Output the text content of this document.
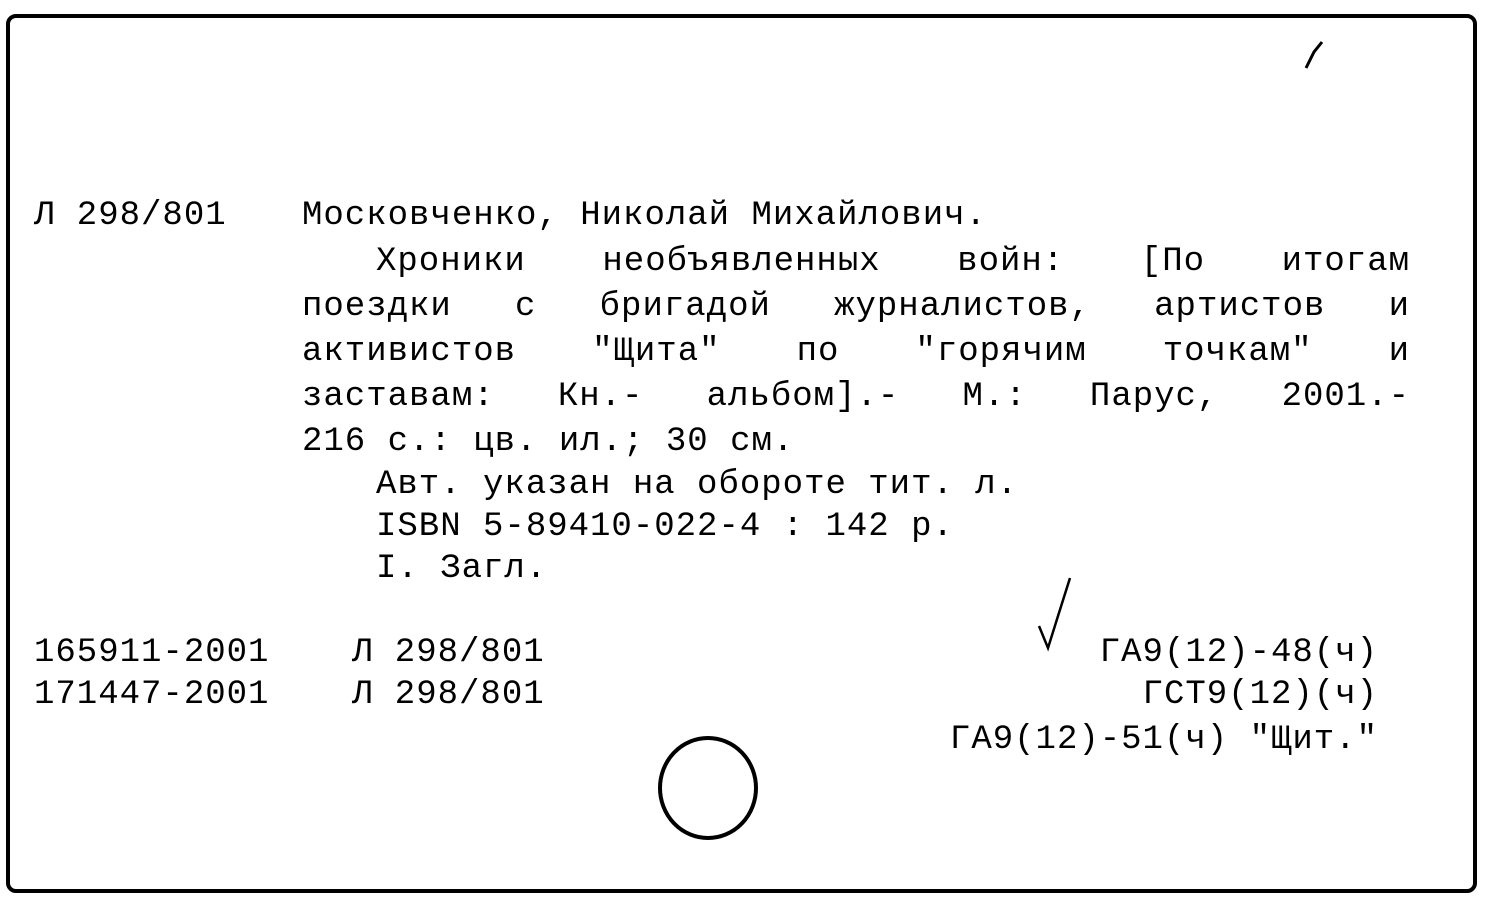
Л 298/801 Московченко, Николай Михайлович.
Хроники необъявленных войн: [По итогам
поездки с бригадой журналистов, артистов и
активистов "Щита" по "горячим точкам" и
заставам: Кн.- альбом].- М.: Парус, 2001.-
216 с.: цв. ил.; 30 см.
Авт. указан на обороте тит. л.
ISBN 5-89410-022-4 : 142 р.
I. Загл.
165911-2001 Л 298/801
171447-2001 Л 298/801
ГА9(12)-48(ч)
ГСТ9(12)(ч)
ГА9(12)-51(ч) "Щит."
